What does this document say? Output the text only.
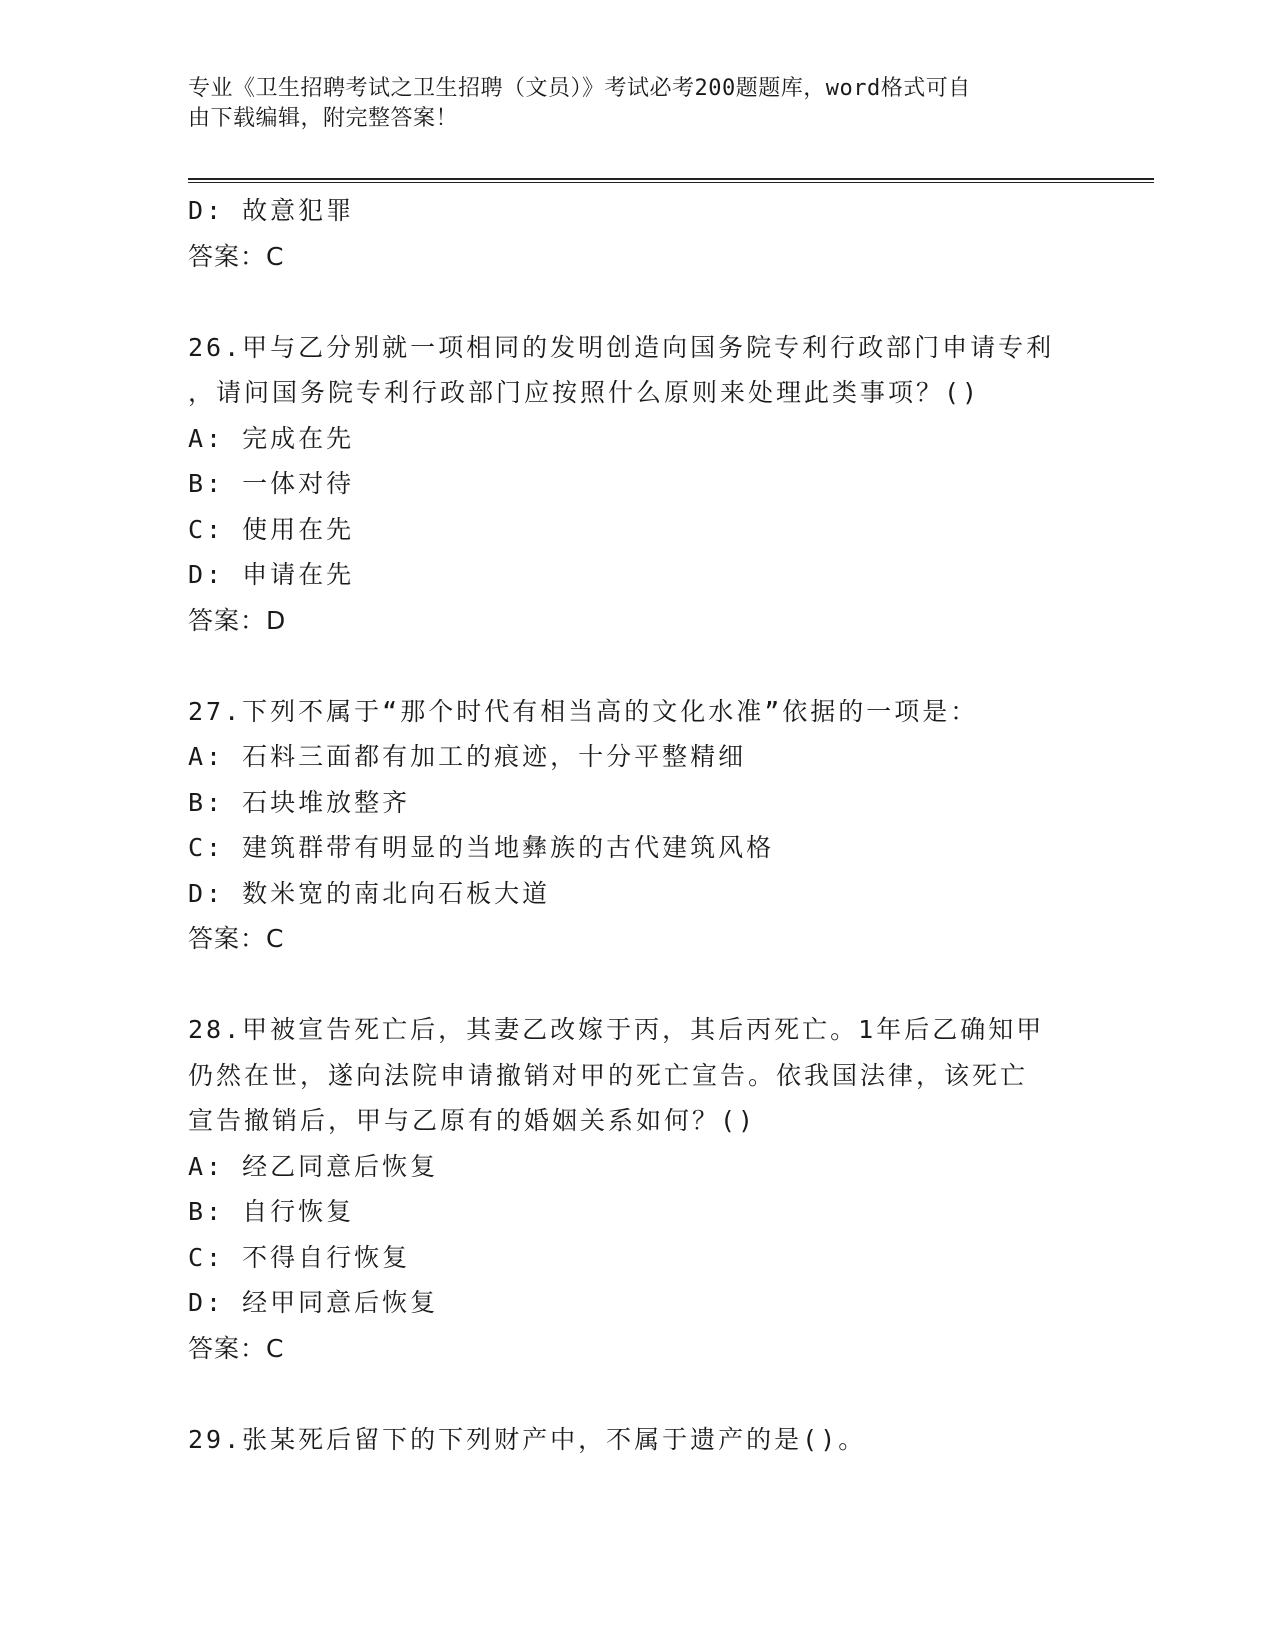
专业《卫生招聘考试之卫生招聘（文员）》考试必考200题题库，word格式可自
由下载编辑，附完整答案！
D: 故意犯罪
答案：C
26.甲与乙分别就一项相同的发明创造向国务院专利行政部门申请专利
，请问国务院专利行政部门应按照什么原则来处理此类事项？()
A: 完成在先
B: 一体对待
C: 使用在先
D: 申请在先
答案：D
27.下列不属于“那个时代有相当高的文化水准”依据的一项是：
A: 石料三面都有加工的痕迹，十分平整精细
B: 石块堆放整齐
C: 建筑群带有明显的当地彝族的古代建筑风格
D: 数米宽的南北向石板大道
答案：C
28.甲被宣告死亡后，其妻乙改嫁于丙，其后丙死亡。1年后乙确知甲
仍然在世，遂向法院申请撤销对甲的死亡宣告。依我国法律，该死亡
宣告撤销后，甲与乙原有的婚姻关系如何？()
A: 经乙同意后恢复
B: 自行恢复
C: 不得自行恢复
D: 经甲同意后恢复
答案：C
29.张某死后留下的下列财产中，不属于遗产的是()。
